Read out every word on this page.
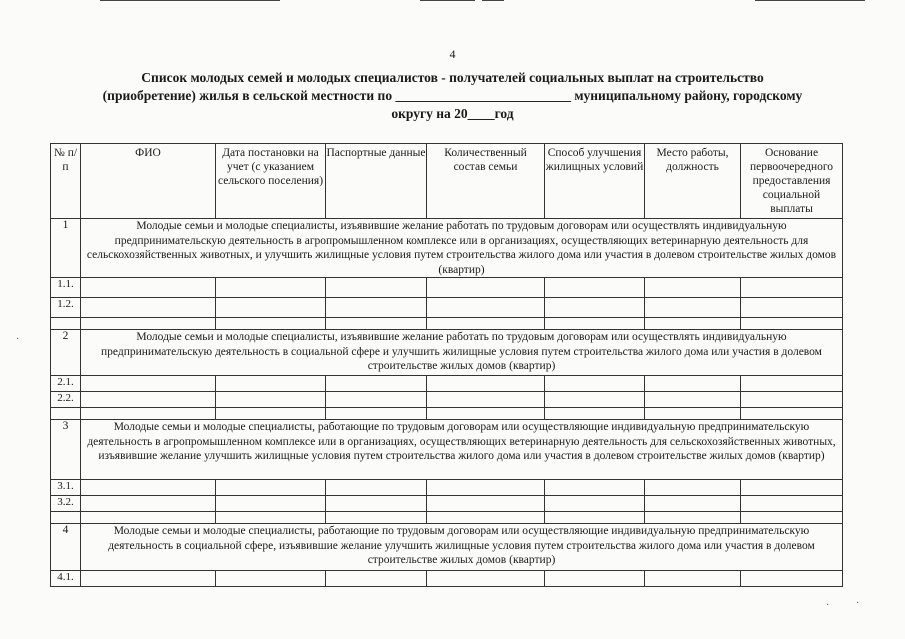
4
Список молодых семей и молодых специалистов - получателей социальных выплат на строительство
(приобретение) жилья в сельской местности по __________________________ муниципальному району, городскому
округу на 20____год
№ п/п	ФИО	Дата постановки на учет (с указанием сельского поселения)	Паспортные данные	Количественный состав семьи	Способ улучшения жилищных условий	Место работы, должность	Основание первоочередного предоставления социальной выплаты
1	Молодые семьи и молодые специалисты, изъявившие желание работать по трудовым договорам или осуществлять индивидуальную предпринимательскую деятельность в агропромышленном комплексе или в организациях, осуществляющих ветеринарную деятельность для сельскохозяйственных животных, и улучшить жилищные условия путем строительства жилого дома или участия в долевом строительстве жилых домов (квартир)						
1.1.							
1.2.							

2	Молодые семьи и молодые специалисты, изъявившие желание работать по трудовым договорам или осуществлять индивидуальную предпринимательскую деятельность в социальной сфере и улучшить жилищные условия путем строительства жилого дома или участия в долевом строительстве жилых домов (квартир)						
2.1.							
2.2.							

3	Молодые семьи и молодые специалисты, работающие по трудовым договорам или осуществляющие индивидуальную предпринимательскую деятельность в агропромышленном комплексе или в организациях, осуществляющих ветеринарную деятельность для сельскохозяйственных животных, изъявившие желание улучшить жилищные условия путем строительства жилого дома или участия в долевом строительстве жилых домов (квартир)						
3.1.							
3.2.							

4	Молодые семьи и молодые специалисты, работающие по трудовым договорам или осуществляющие индивидуальную предпринимательскую деятельность в социальной сфере, изъявившие желание улучшить жилищные условия путем строительства жилого дома или участия в долевом строительстве жилых домов (квартир)						
4.1.							
·	·
·
